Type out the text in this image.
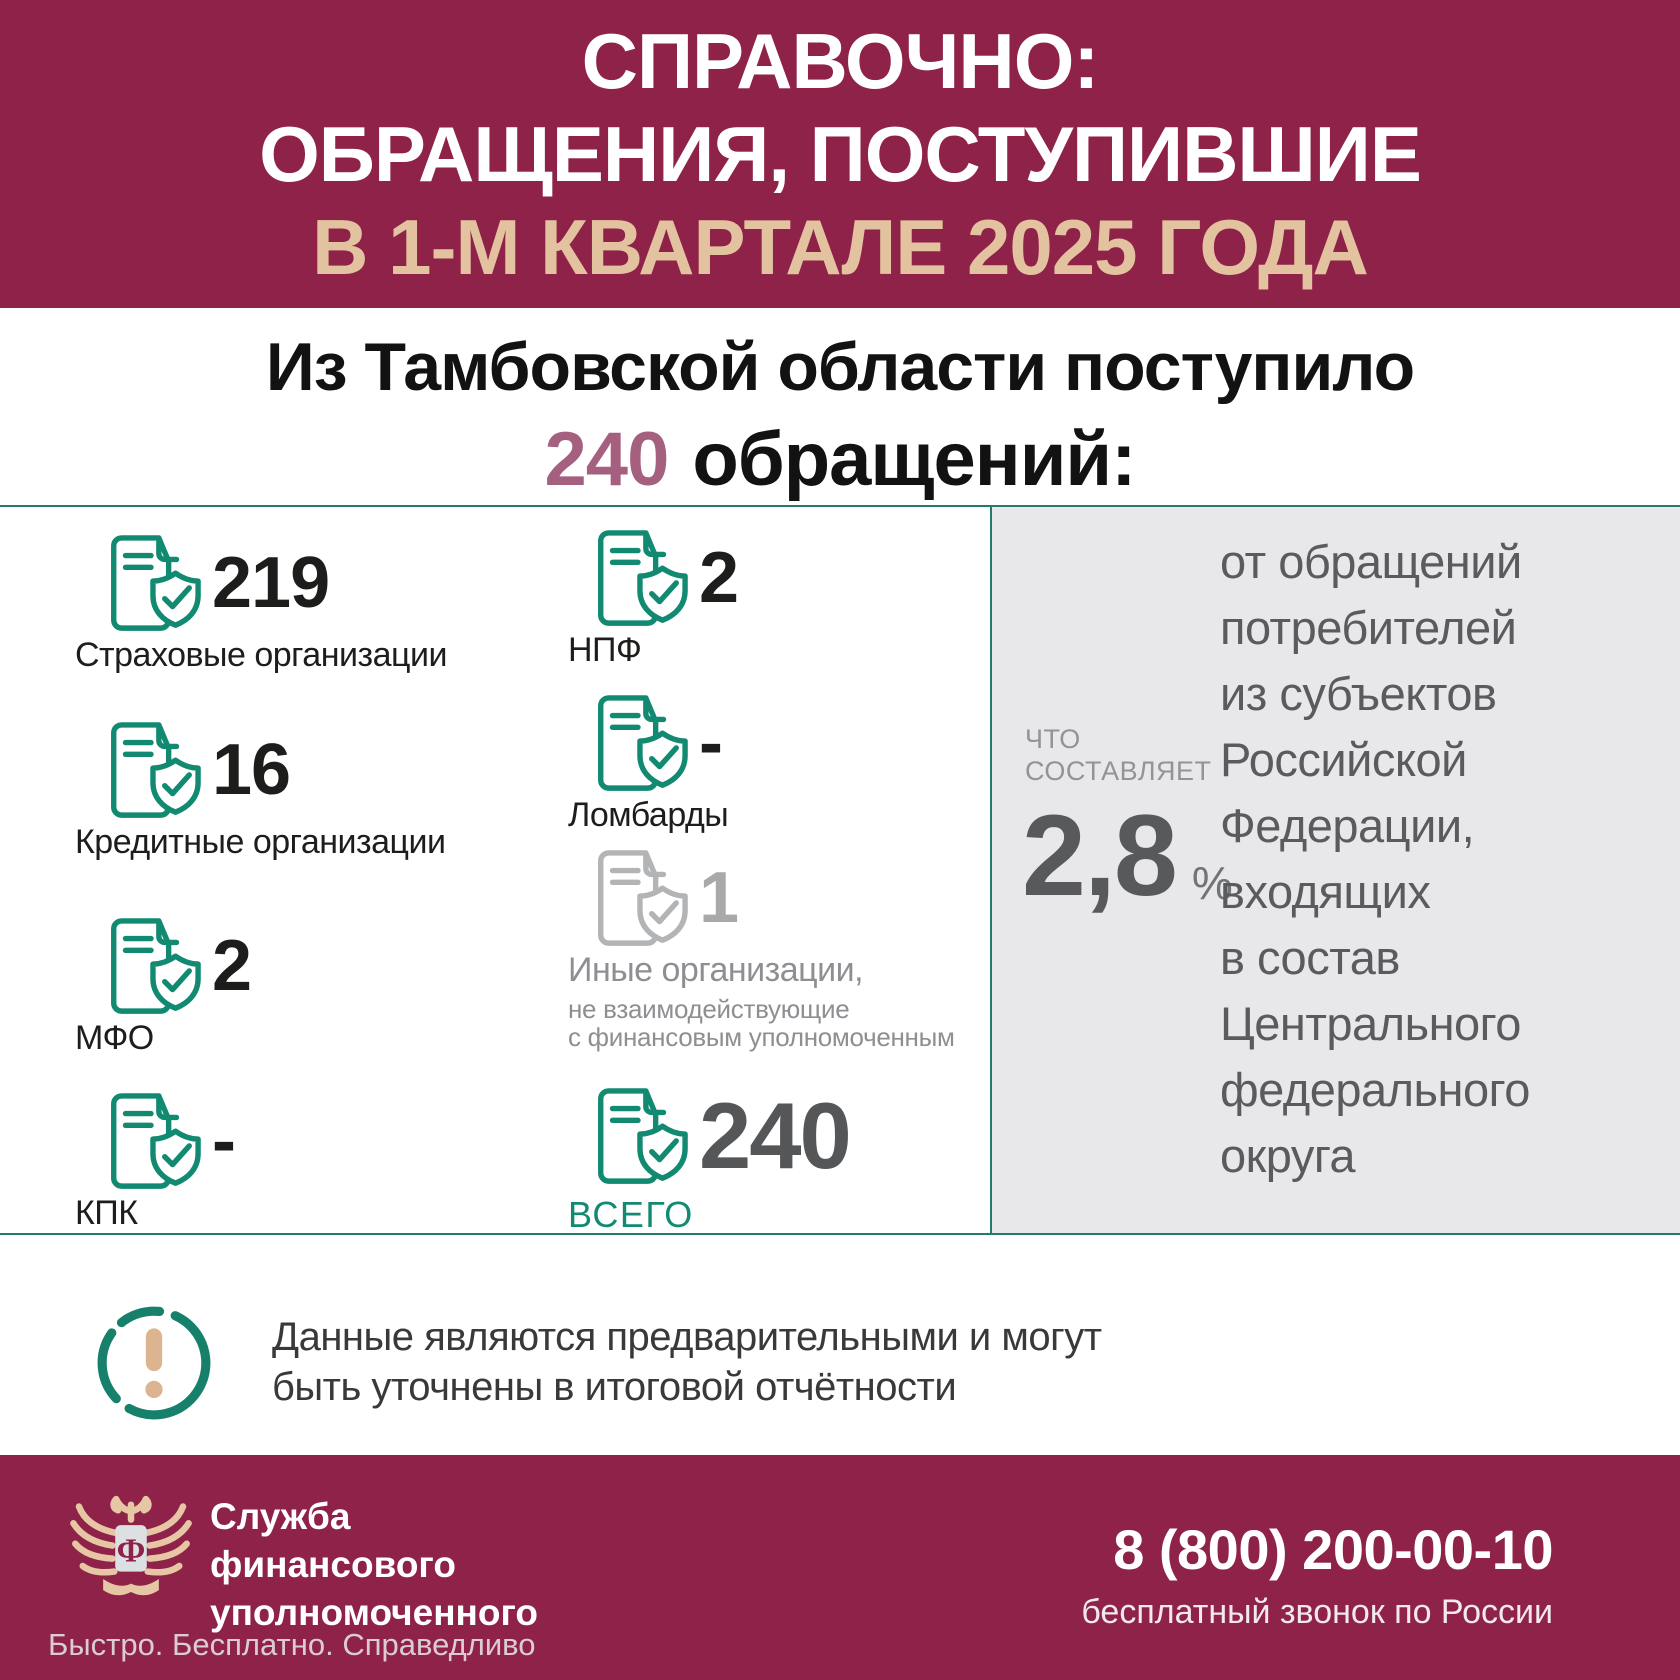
СПРАВОЧНО:
ОБРАЩЕНИЯ, ПОСТУПИВШИЕ
В 1-М КВАРТАЛЕ 2025 ГОДА
Из Тамбовской области поступило
240 обращений:
219
Страховые организации
16
Кредитные организации
2
МФО
-
КПК
2
НПФ
-
Ломбарды
1
Иные организации,
не взаимодействующие
с финансовым уполномоченным
240
ВСЕГО
ЧТО
СОСТАВЛЯЕТ
2,8 %
от обращений
потребителей
из субъектов
Российской
Федерации,
входящих
в состав
Центрального
федерального
округа
Данные являются предварительными и могут
быть уточнены в итоговой отчётности
Ф
Служба
финансового
уполномоченного
Быстро. Бесплатно. Справедливо
8 (800) 200-00-10
бесплатный звонок по России
